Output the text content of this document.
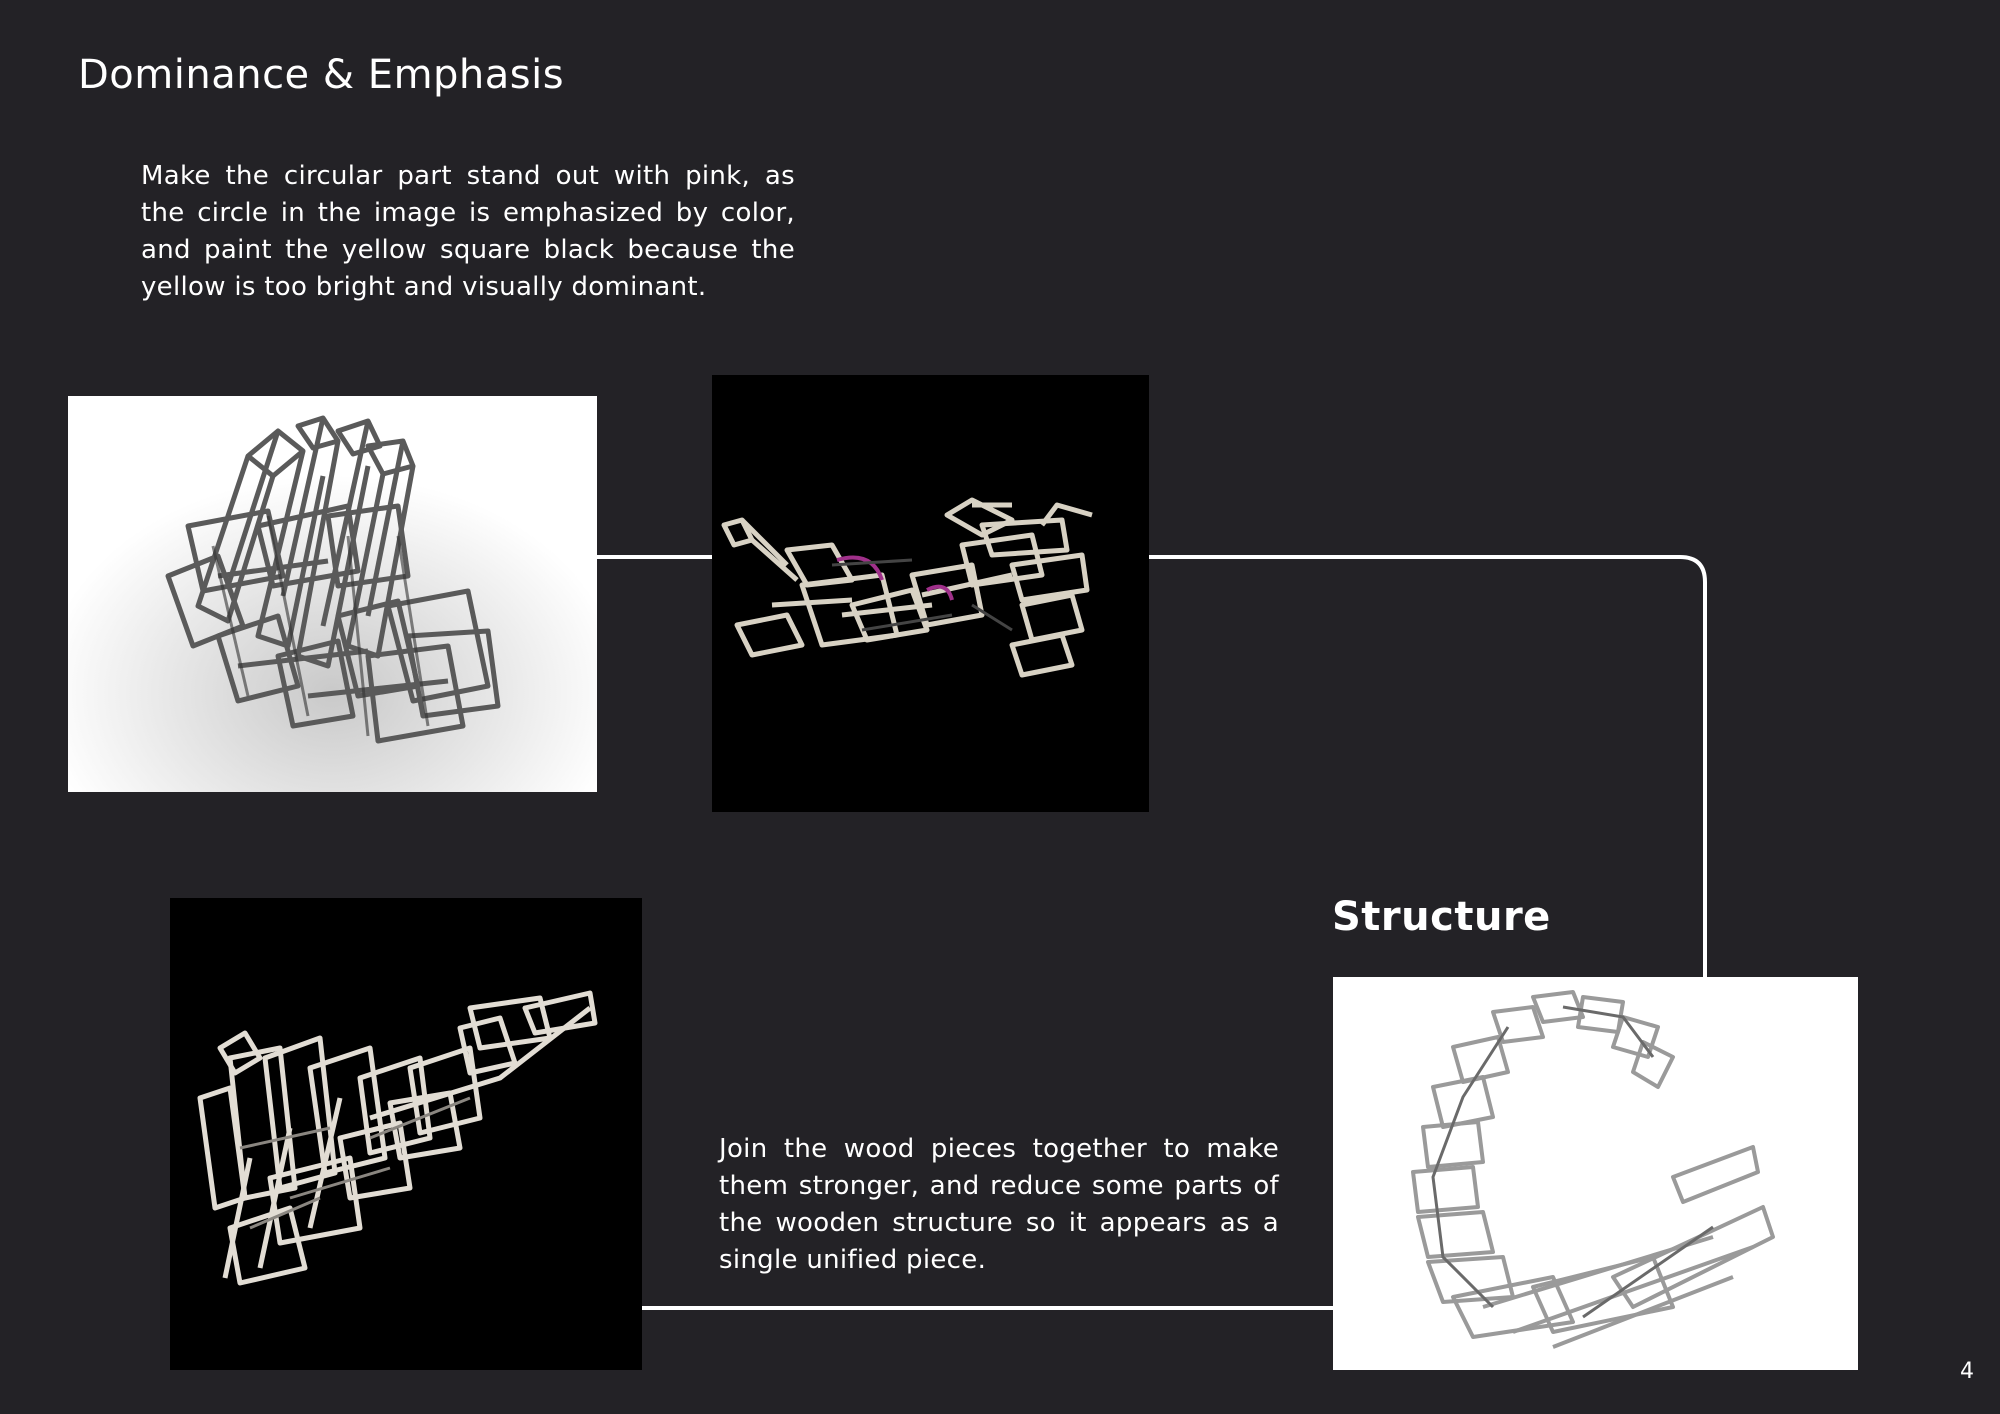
Dominance & Emphasis

Make the circular part stand out with pink, as the circle in the image is emphasized by color, and paint the yellow square black because the yellow is too bright and visually dominant.

Structure

Join the wood pieces together to make them stronger, and reduce some parts of the wooden structure so it appears as a single unified piece.

4
